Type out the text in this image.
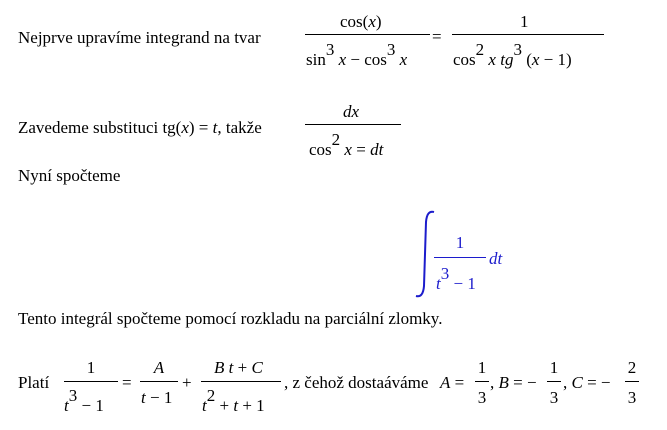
Nejprve upravíme integrand na tvar
cos(x)
sin3 x − cos3 x
=
1
cos2 x tg3 (x − 1)
Zavedeme substituci tg(x) = t, takže
dx
cos2 x = dt
Nyní spočteme
1
t3 − 1
dt
Tento integrál spočteme pomocí rozkladu na parciální zlomky.
Platí
1
t3 − 1
=
A
t − 1
+
B t + C
t2 + t + 1
, z čehož dostaáváme A =
1
3
, B = −
1
3
, C = −
2
3
